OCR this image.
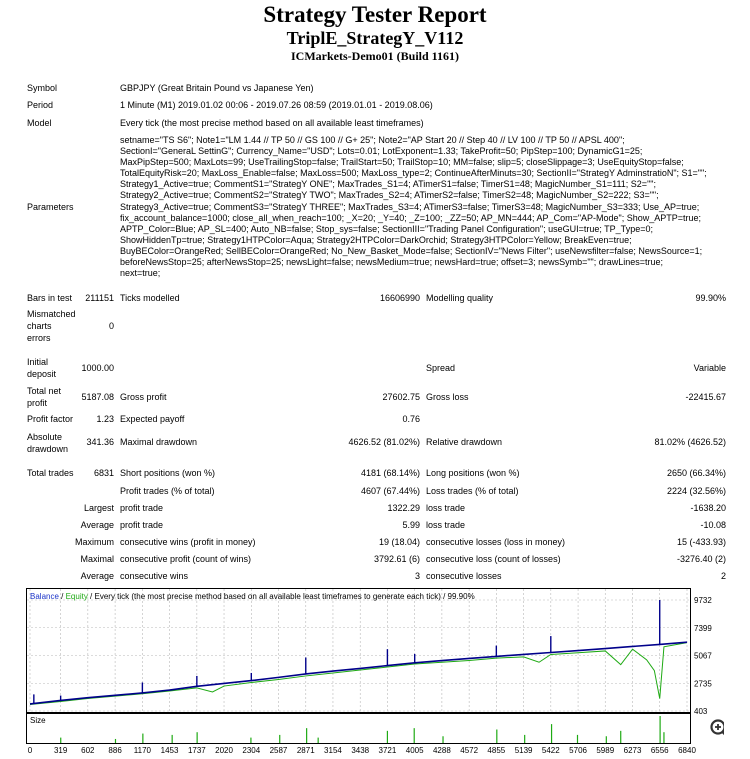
Strategy Tester Report
TriplE_StrategY_V112
ICMarkets-Demo01 (Build 1161)
Symbol	GBPJPY (Great Britain Pound vs Japanese Yen)
Period	1 Minute (M1) 2019.01.02 00:06 - 2019.07.26 08:59 (2019.01.01 - 2019.08.06)
Model	Every tick (the most precise method based on all available least timeframes)
Parameters
setname="TS S6"; Note1="LM 1.44 // TP 50 // GS 100 // G+ 25"; Note2="AP Start 20 // Step 40 // LV 100 // TP 50 // APSL 400";
SectionI="GeneraL SettinG"; Currency_Name="USD"; Lots=0.01; LotExponent=1.33; TakeProfit=50; PipStep=100; DynamicG1=25;
MaxPipStep=500; MaxLots=99; UseTrailingStop=false; TrailStart=50; TrailStop=10; MM=false; slip=5; closeSlippage=3; UseEquityStop=false;
TotalEquityRisk=20; MaxLoss_Enable=false; MaxLoss=500; MaxLoss_type=2; ContinueAfterMinuts=30; SectionII="StrategY AdminstratioN"; S1="";
Strategy1_Active=true; CommentS1="StrategY ONE"; MaxTrades_S1=4; ATimerS1=false; TimerS1=48; MagicNumber_S1=111; S2="";
Strategy2_Active=true; CommentS2="StrategY TWO"; MaxTrades_S2=4; ATimerS2=false; TimerS2=48; MagicNumber_S2=222; S3="";
Strategy3_Active=true; CommentS3="StrategY THREE"; MaxTrades_S3=4; ATimerS3=false; TimerS3=48; MagicNumber_S3=333; Use_AP=true;
fix_account_balance=1000; close_all_when_reach=100; _X=20; _Y=40; _Z=100; _ZZ=50; AP_MN=444; AP_Com="AP-Mode"; Show_APTP=true;
APTP_Color=Blue; AP_SL=400; Auto_NB=false; Stop_sys=false; SectionIII="Trading Panel Configuration"; useGUI=true; TP_Type=0;
ShowHiddenTp=true; Strategy1HTPColor=Aqua; Strategy2HTPColor=DarkOrchid; Strategy3HTPColor=Yellow; BreakEven=true;
BuyBEColor=OrangeRed; SellBEColor=OrangeRed; No_New_Basket_Mode=false; SectionIV="News Filter"; useNewsfilter=false; NewsSource=1;
beforeNewsStop=25; afterNewsStop=25; newsLight=false; newsMedium=true; newsHard=true; offset=3; newsSymb=""; drawLines=true;
next=true;
Bars in test 211151 Ticks modelled	16606990 Modelling quality	99.90%
Mismatched
charts
errors
0
Initial
deposit
1000.00	Spread	Variable
Total net
profit
5187.08 Gross profit	27602.75 Gross loss	-22415.67
Profit factor	1.23 Expected payoff	0.76
Absolute
drawdown
341.36 Maximal drawdown	4626.52 (81.02%) Relative drawdown	81.02% (4626.52)
Total trades 6831 Short positions (won %)	4181 (68.14%) Long positions (won %)	2650 (66.34%)
Profit trades (% of total)	4607 (67.44%) Loss trades (% of total)	2224 (32.56%)
Largest profit trade	1322.29 loss trade	-1638.20
Average profit trade	5.99 loss trade	-10.08
Maximum consecutive wins (profit in money)	19 (18.04) consecutive losses (loss in money)	15 (-433.93)
Maximal consecutive profit (count of wins)	3792.61 (6) consecutive loss (count of losses)	-3276.40 (2)
Average consecutive wins	3 consecutive losses	2
9732
7399
5067
2735
403
0	319 602 886 1170 1453 1737 2020 2304 2587 2871 3154 3438 3721 4005 4288 4572 4855 5139 5422 5706 5989 6273 6556 6840
Balance / Equity / Every tick (the most precise method based on all available least timeframes to generate each tick) / 99.90%
Size
